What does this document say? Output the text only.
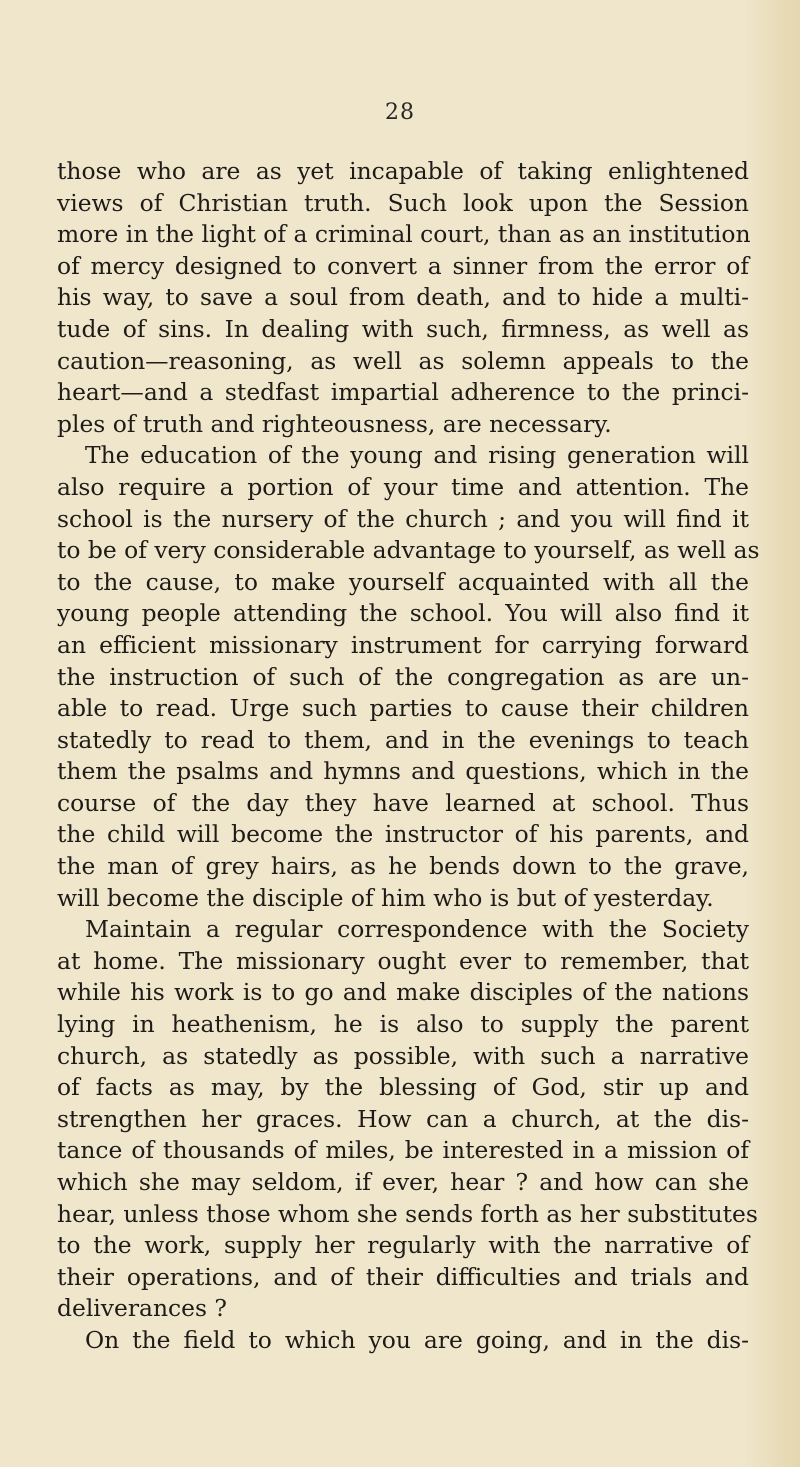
28
those who are as yet incapable of taking enlightened
views of Christian truth. Such look upon the Session
more in the light of a criminal court, than as an institution
of mercy designed to convert a sinner from the error of
his way, to save a soul from death, and to hide a multi-
tude of sins. In dealing with such, firmness, as well as
caution—reasoning, as well as solemn appeals to the
heart—and a stedfast impartial adherence to the princi-
ples of truth and righteousness, are necessary.
The education of the young and rising generation will
also require a portion of your time and attention. The
school is the nursery of the church ; and you will find it
to be of very considerable advantage to yourself, as well as
to the cause, to make yourself acquainted with all the
young people attending the school. You will also find it
an efficient missionary instrument for carrying forward
the instruction of such of the congregation as are un-
able to read. Urge such parties to cause their children
statedly to read to them, and in the evenings to teach
them the psalms and hymns and questions, which in the
course of the day they have learned at school. Thus
the child will become the instructor of his parents, and
the man of grey hairs, as he bends down to the grave,
will become the disciple of him who is but of yesterday.
Maintain a regular correspondence with the Society
at home. The missionary ought ever to remember, that
while his work is to go and make disciples of the nations
lying in heathenism, he is also to supply the parent
church, as statedly as possible, with such a narrative
of facts as may, by the blessing of God, stir up and
strengthen her graces. How can a church, at the dis-
tance of thousands of miles, be interested in a mission of
which she may seldom, if ever, hear ? and how can she
hear, unless those whom she sends forth as her substitutes
to the work, supply her regularly with the narrative of
their operations, and of their difficulties and trials and
deliverances ?
On the field to which you are going, and in the dis-
